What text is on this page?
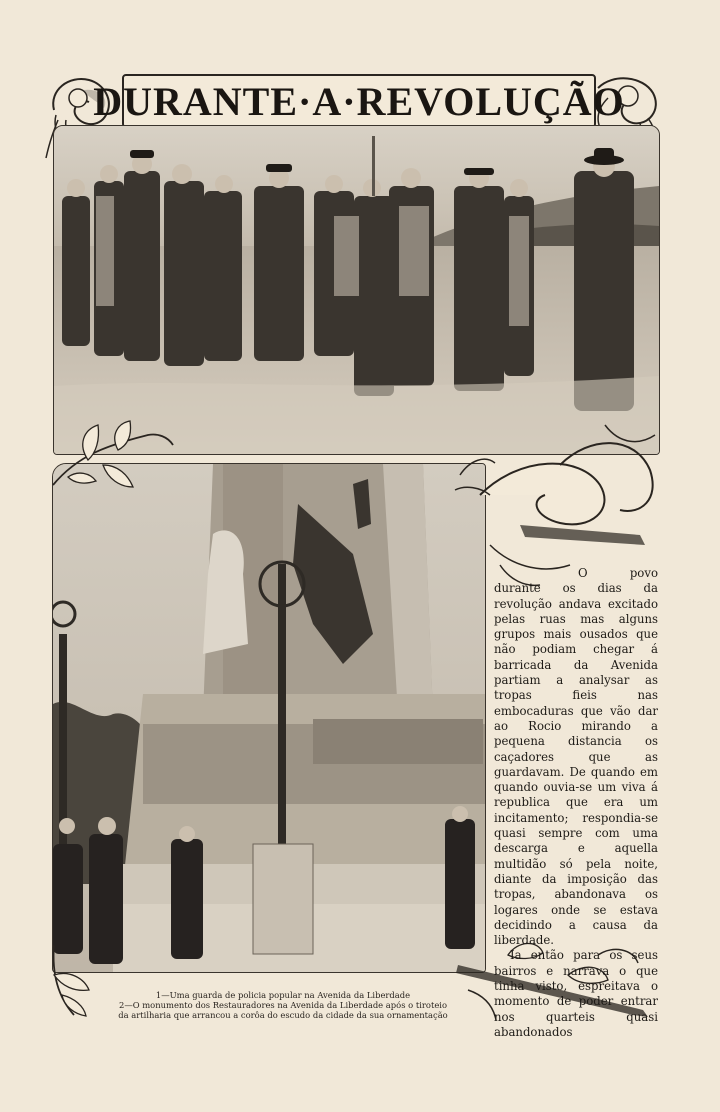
DURANTE·A·REVOLUÇÃO

O povo durante os dias da revolução andava excitado pelas ruas mas alguns grupos mais ousados que não podiam chegar á barricada da Avenida partiam a analysar as tropas fieis nas embocaduras que vão dar ao Rocio mirando a pequena distancia os caçadores que as guardavam. De quando em quando ouvia-se um viva á republica que era um incitamento; respondia-se quasi sempre com uma descarga e aquella multidão só pela noite, diante da imposição das tropas, abandonava os logares onde se estava decidindo a causa da liberdade.

Ia então para os seus bairros e narrava o que tinha visto, espreitava o momento de poder entrar nos quarteis quasi abandonados

1—Uma guarda de policia popular na Avenida da Liberdade
2—O monumento dos Restauradores na Avenida da Liberdade após o tiroteio
da artilharia que arrancou a corôa do escudo da cidade da sua ornamentação
